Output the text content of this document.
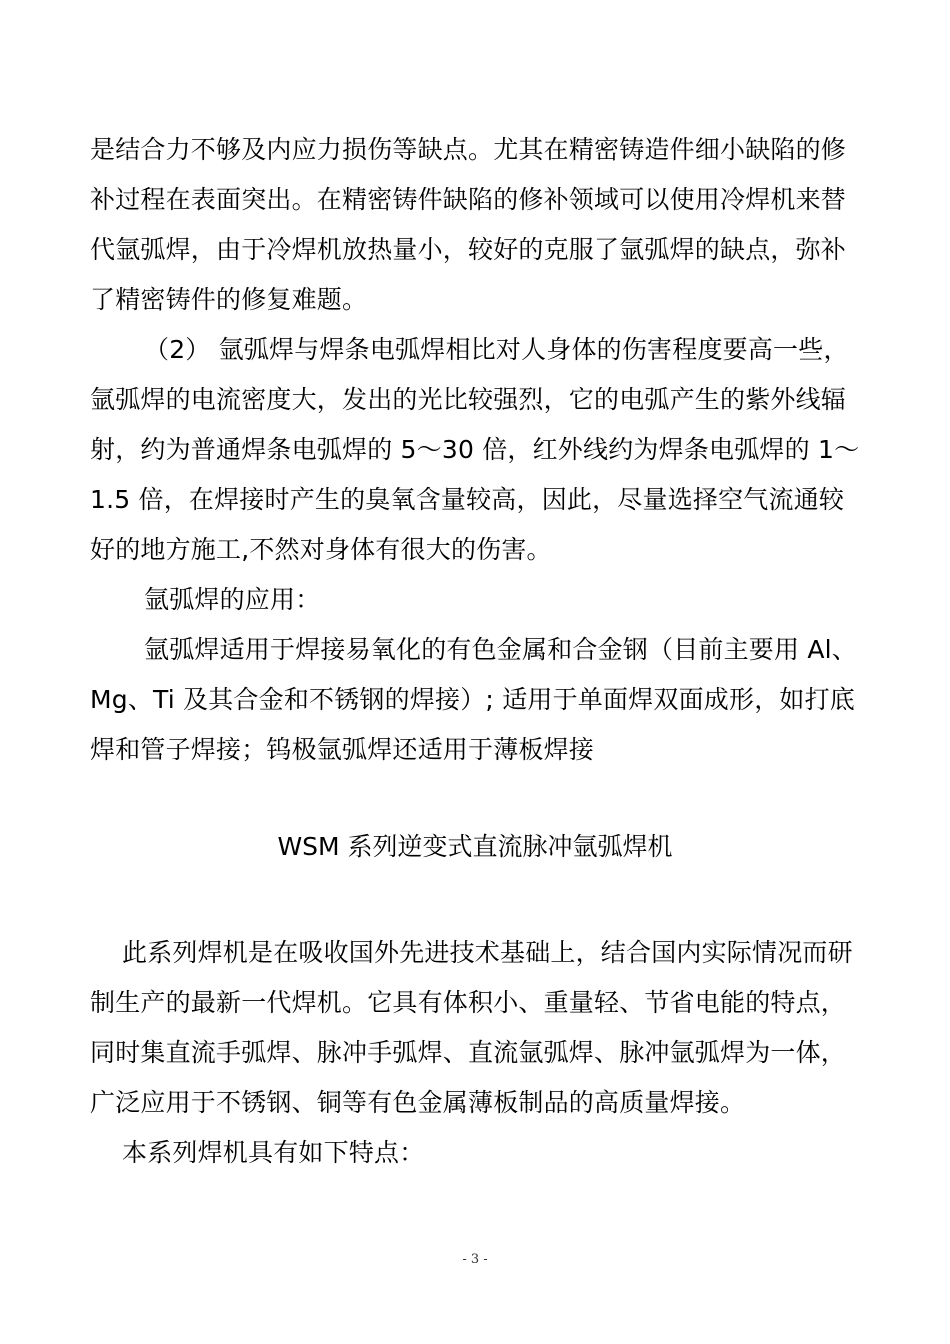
是结合力不够及内应力损伤等缺点。尤其在精密铸造件细小缺陷的修
补过程在表面突出。在精密铸件缺陷的修补领域可以使用冷焊机来替
代氩弧焊，由于冷焊机放热量小，较好的克服了氩弧焊的缺点，弥补
了精密铸件的修复难题。
（2） 氩弧焊与焊条电弧焊相比对人身体的伤害程度要高一些，
氩弧焊的电流密度大，发出的光比较强烈，它的电弧产生的紫外线辐
射，约为普通焊条电弧焊的 5～30 倍，红外线约为焊条电弧焊的 1～
1.5 倍，在焊接时产生的臭氧含量较高，因此，尽量选择空气流通较
好的地方施工,不然对身体有很大的伤害。
氩弧焊的应用：
氩弧焊适用于焊接易氧化的有色金属和合金钢（目前主要用 Al、
Mg、Ti 及其合金和不锈钢的焊接）; 适用于单面焊双面成形，如打底
焊和管子焊接；钨极氩弧焊还适用于薄板焊接
WSM 系列逆变式直流脉冲氩弧焊机
此系列焊机是在吸收国外先进技术基础上，结合国内实际情况而研
制生产的最新一代焊机。它具有体积小、重量轻、节省电能的特点，
同时集直流手弧焊、脉冲手弧焊、直流氩弧焊、脉冲氩弧焊为一体，
广泛应用于不锈钢、铜等有色金属薄板制品的高质量焊接。
本系列焊机具有如下特点：
- 3 -
